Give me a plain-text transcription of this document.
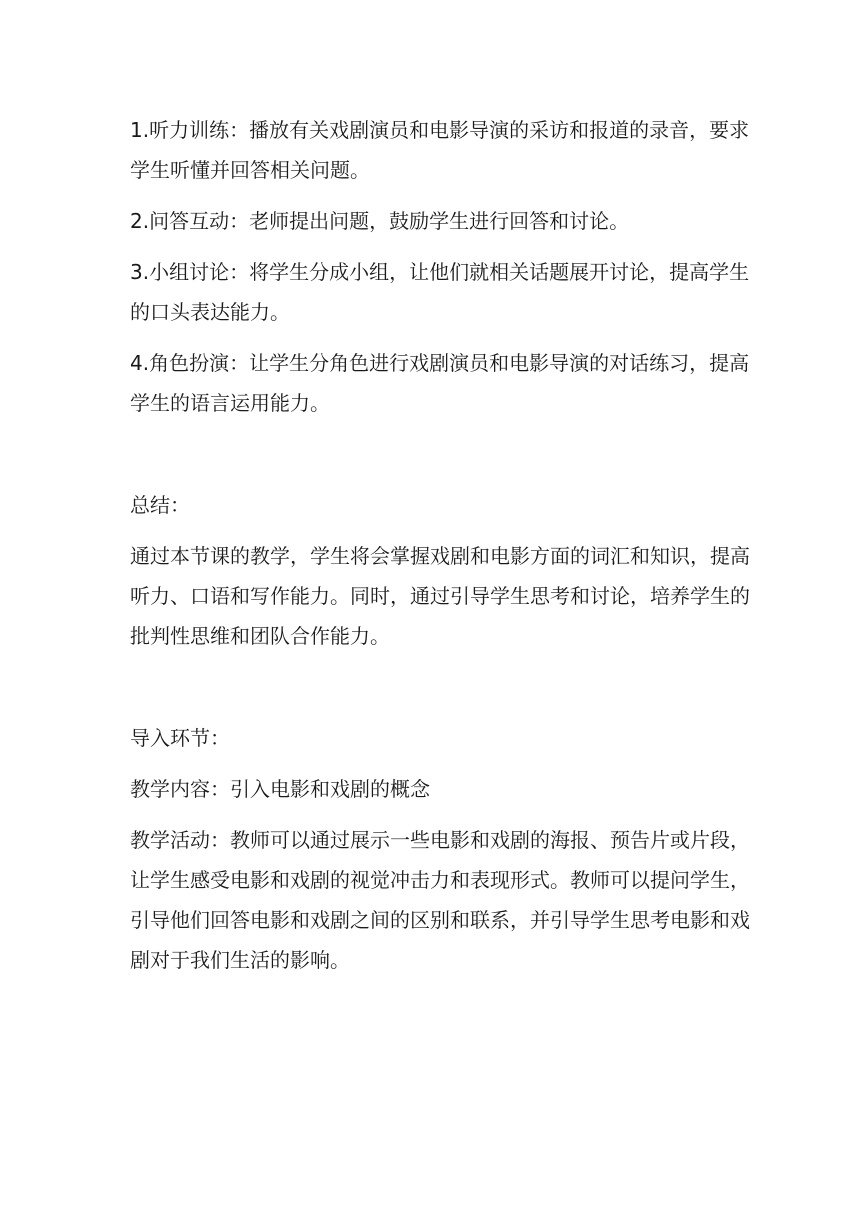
1.听力训练：播放有关戏剧演员和电影导演的采访和报道的录音，要求学生听懂并回答相关问题。

2.问答互动：老师提出问题，鼓励学生进行回答和讨论。

3.小组讨论：将学生分成小组，让他们就相关话题展开讨论，提高学生的口头表达能力。

4.角色扮演：让学生分角色进行戏剧演员和电影导演的对话练习，提高学生的语言运用能力。

总结：

通过本节课的教学，学生将会掌握戏剧和电影方面的词汇和知识，提高听力、口语和写作能力。同时，通过引导学生思考和讨论，培养学生的批判性思维和团队合作能力。

导入环节：

教学内容：引入电影和戏剧的概念

教学活动：教师可以通过展示一些电影和戏剧的海报、预告片或片段，让学生感受电影和戏剧的视觉冲击力和表现形式。教师可以提问学生，引导他们回答电影和戏剧之间的区别和联系，并引导学生思考电影和戏剧对于我们生活的影响。
